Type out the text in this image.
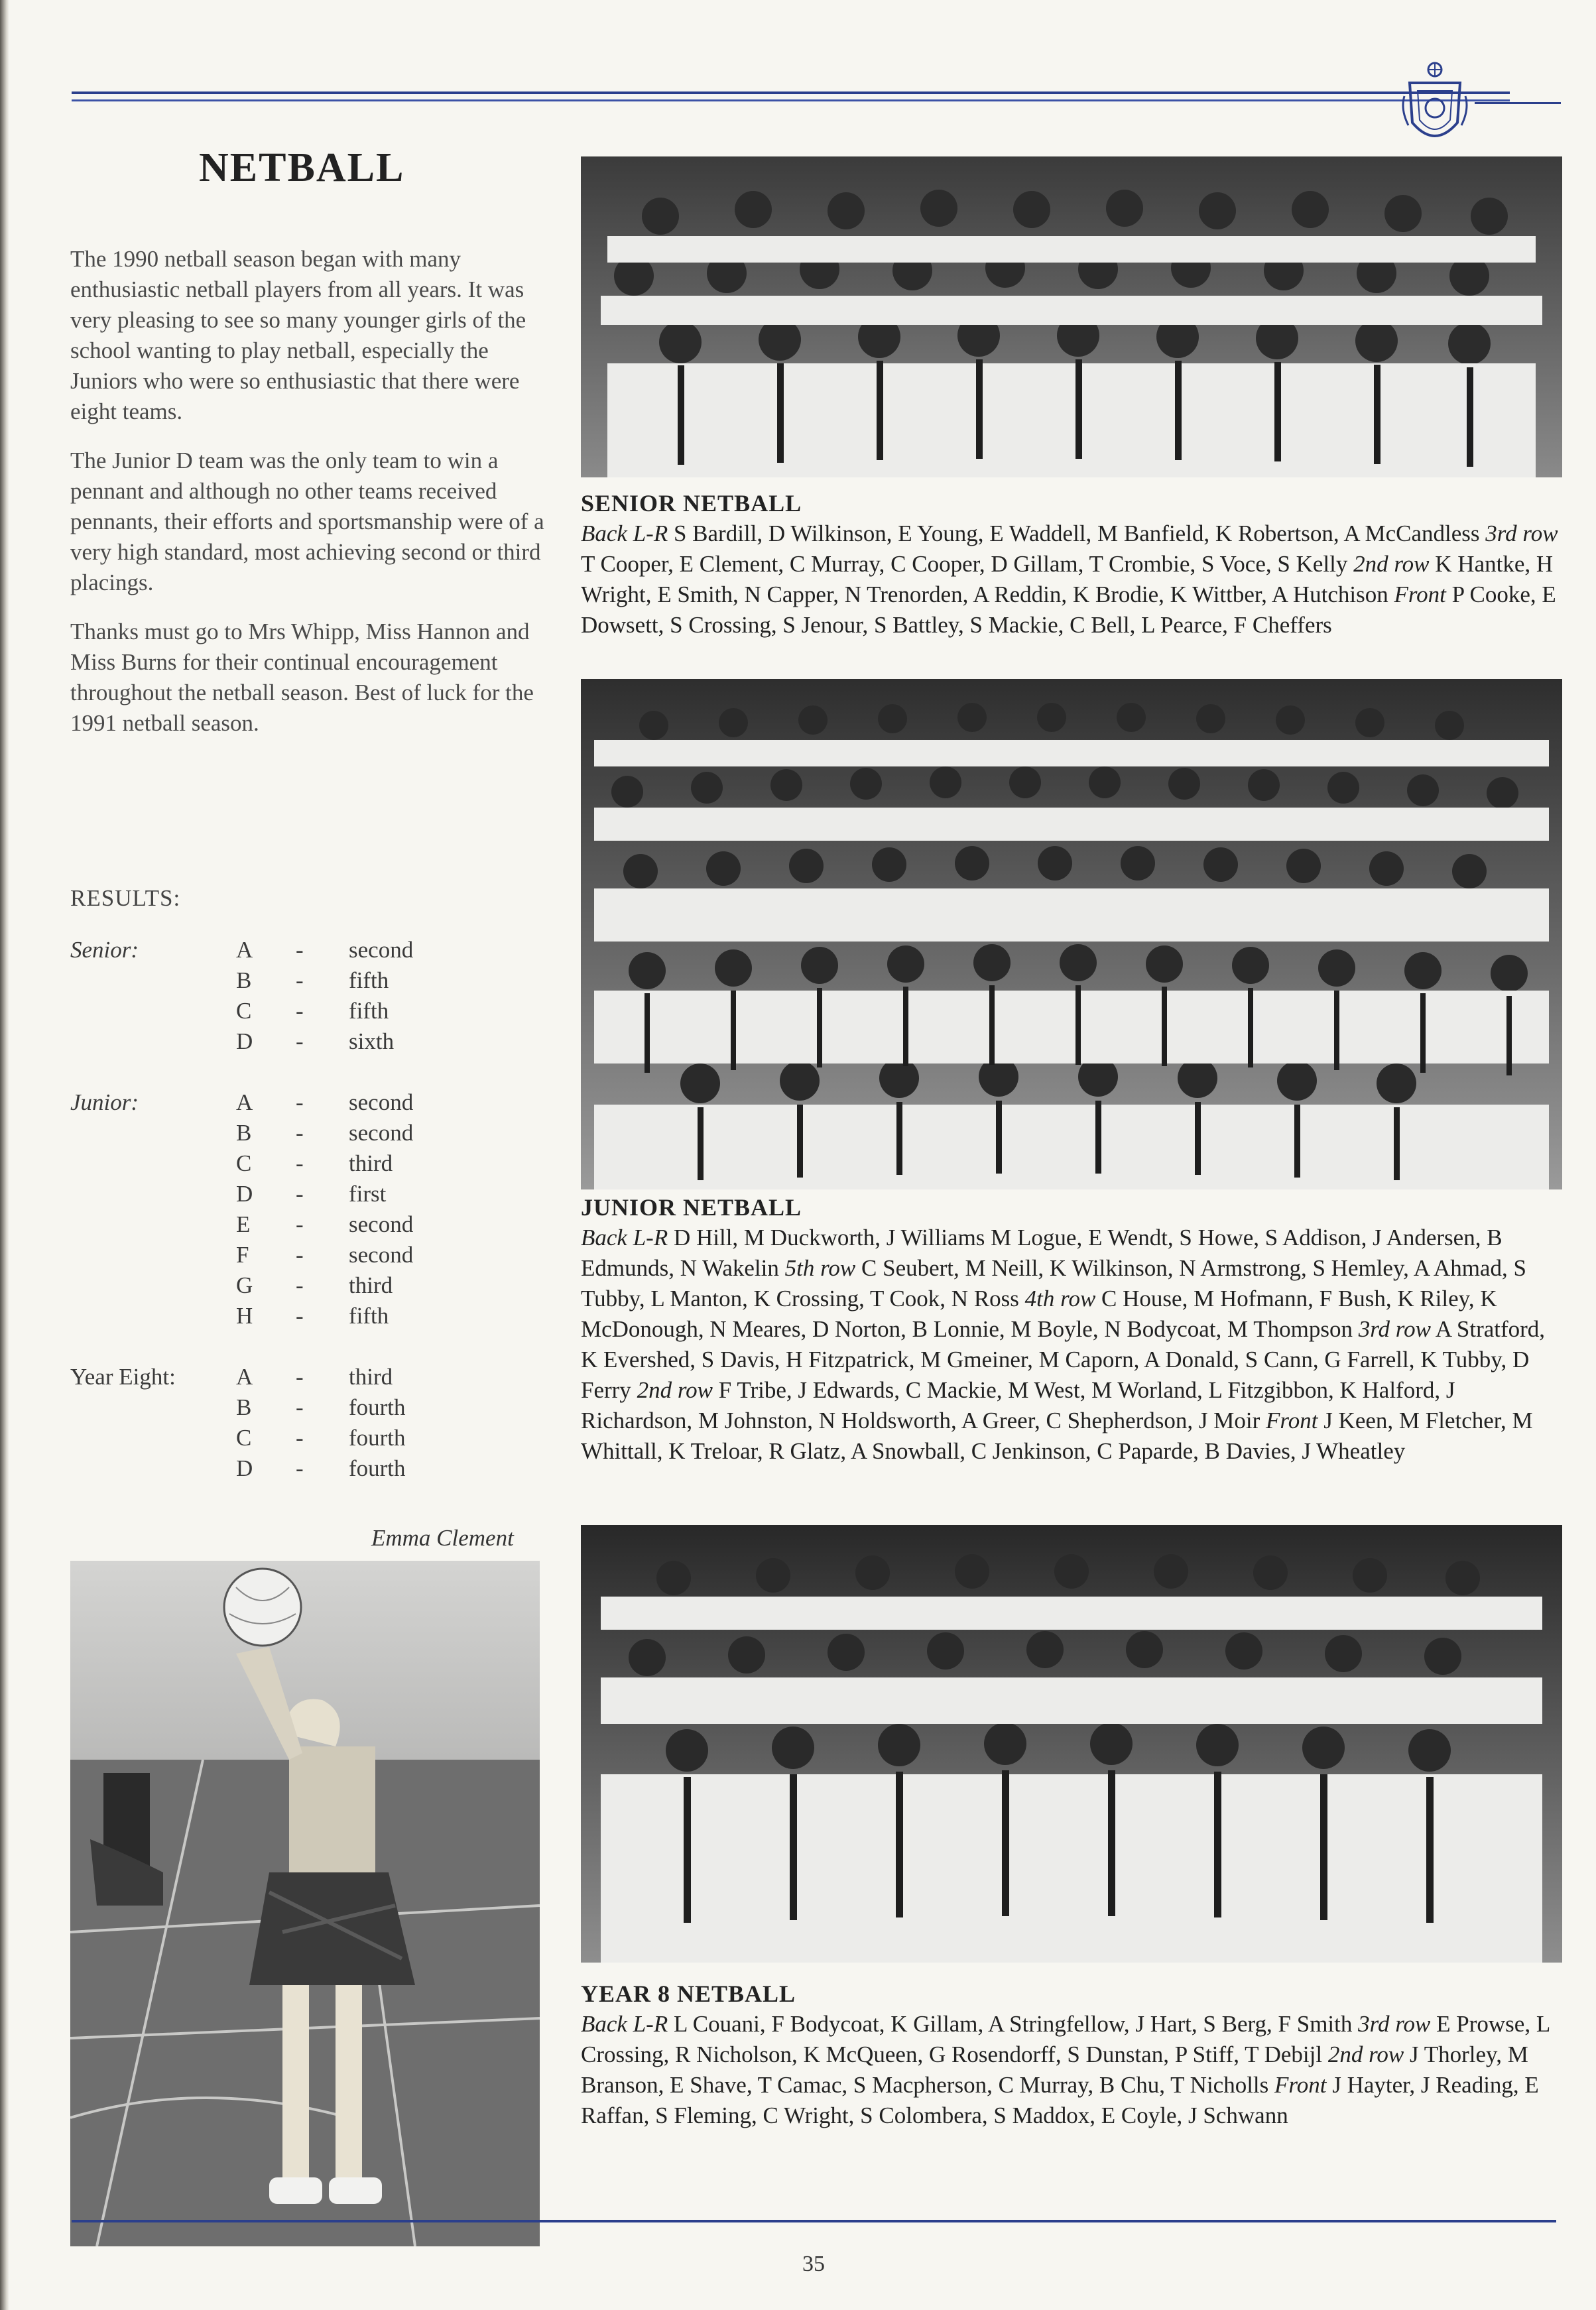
NETBALL

The 1990 netball season began with many enthusiastic netball players from all years. It was very pleasing to see so many younger girls of the school wanting to play netball, especially the Juniors who were so enthusiastic that there were eight teams.

The Junior D team was the only team to win a pennant and although no other teams received pennants, their efforts and sportsmanship were of a very high standard, most achieving second or third placings.

Thanks must go to Mrs Whipp, Miss Hannon and Miss Burns for their continual encouragement throughout the netball season. Best of luck for the 1991 netball season.

RESULTS:
Senior:	A	-	second
B	-	fifth
C	-	fifth
D	-	sixth
Junior:	A	-	second
B	-	second
C	-	third
D	-	first
E	-	second
F	-	second
G	-	third
H	-	fifth
Year Eight:	A	-	third
B	-	fourth
C	-	fourth
D	-	fourth
Emma Clement
SENIOR NETBALL
Back L-R S Bardill, D Wilkinson, E Young, E Waddell, M Banfield, K Robertson, A McCandless 3rd row T Cooper, E Clement, C Murray, C Cooper, D Gillam, T Crombie, S Voce, S Kelly 2nd row K Hantke, H Wright, E Smith, N Capper, N Trenorden, A Reddin, K Brodie, K Wittber, A Hutchison Front P Cooke, E Dowsett, S Crossing, S Jenour, S Battley, S Mackie, C Bell, L Pearce, F Cheffers
JUNIOR NETBALL
Back L-R D Hill, M Duckworth, J Williams M Logue, E Wendt, S Howe, S Addison, J Andersen, B Edmunds, N Wakelin 5th row C Seubert, M Neill, K Wilkinson, N Armstrong, S Hemley, A Ahmad, S Tubby, L Manton, K Crossing, T Cook, N Ross 4th row C House, M Hofmann, F Bush, K Riley, K McDonough, N Meares, D Norton, B Lonnie, M Boyle, N Bodycoat, M Thompson 3rd row A Stratford, K Evershed, S Davis, H Fitzpatrick, M Gmeiner, M Caporn, A Donald, S Cann, G Farrell, K Tubby, D Ferry 2nd row F Tribe, J Edwards, C Mackie, M West, M Worland, L Fitzgibbon, K Halford, J Richardson, M Johnston, N Holdsworth, A Greer, C Shepherdson, J Moir Front J Keen, M Fletcher, M Whittall, K Treloar, R Glatz, A Snowball, C Jenkinson, C Paparde, B Davies, J Wheatley
YEAR 8 NETBALL
Back L-R L Couani, F Bodycoat, K Gillam, A Stringfellow, J Hart, S Berg, F Smith 3rd row E Prowse, L Crossing, R Nicholson, K McQueen, G Rosendorff, S Dunstan, P Stiff, T Debijl 2nd row J Thorley, M Branson, E Shave, T Camac, S Macpherson, C Murray, B Chu, T Nicholls Front J Hayter, J Reading, E Raffan, S Fleming, C Wright, S Colombera, S Maddox, E Coyle, J Schwann
35
